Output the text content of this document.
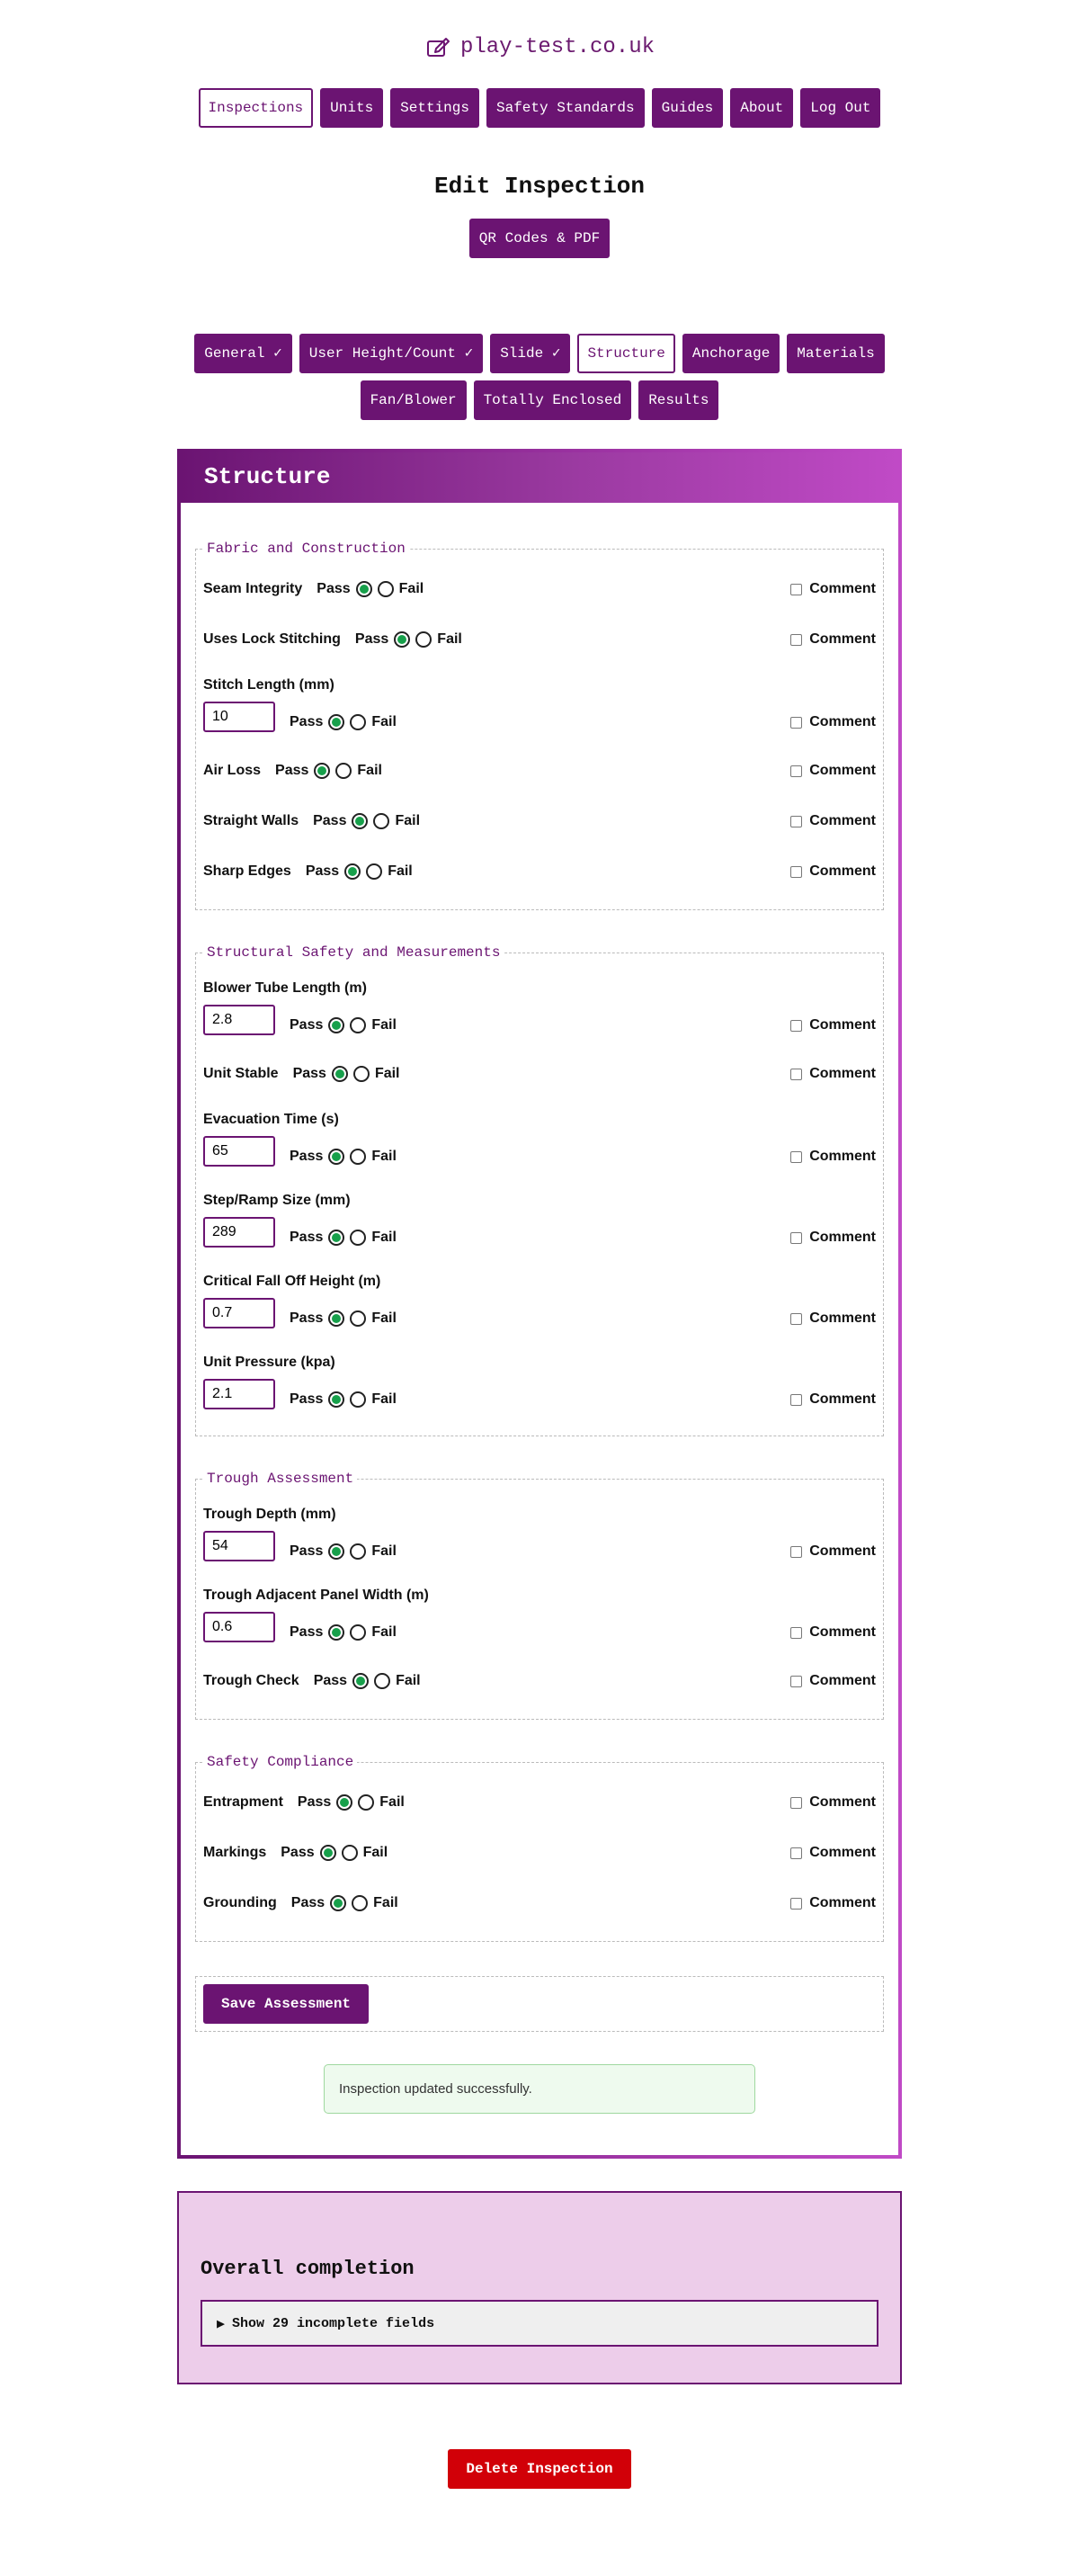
play-test.co.uk
Inspections	Units	Settings	Safety Standards	Guides	About	Log Out
Edit Inspection
QR Codes & PDF
General ✓	User Height/Count ✓	Slide ✓	Structure	Anchorage	Materials
Fan/Blower	Totally Enclosed	Results
Structure
Fabric and Construction
Seam Integrity Pass	Fail	Comment
Uses Lock Stitching Pass	Fail	Comment
Stitch Length (mm)
10
Pass	Fail	Comment
Air Loss Pass	Fail	Comment
Straight Walls Pass	Fail	Comment
Sharp Edges Pass	Fail	Comment
Structural Safety and Measurements
Blower Tube Length (m)
2.8
Pass	Fail	Comment
Unit Stable Pass	Fail	Comment
Evacuation Time (s)
65
Pass	Fail	Comment
Step/Ramp Size (mm)
289
Pass	Fail	Comment
Critical Fall Off Height (m)
0.7
Pass	Fail	Comment
Unit Pressure (kpa)
2.1
Pass	Fail	Comment
Trough Assessment
Trough Depth (mm)
54
Pass	Fail	Comment
Trough Adjacent Panel Width (m)
0.6
Pass	Fail	Comment
Trough Check Pass	Fail	Comment
Safety Compliance
Entrapment Pass	Fail	Comment
Markings Pass	Fail	Comment
Grounding Pass	Fail	Comment
Save Assessment
Inspection updated successfully.
Overall completion
▶ Show 29 incomplete fields
Delete Inspection
